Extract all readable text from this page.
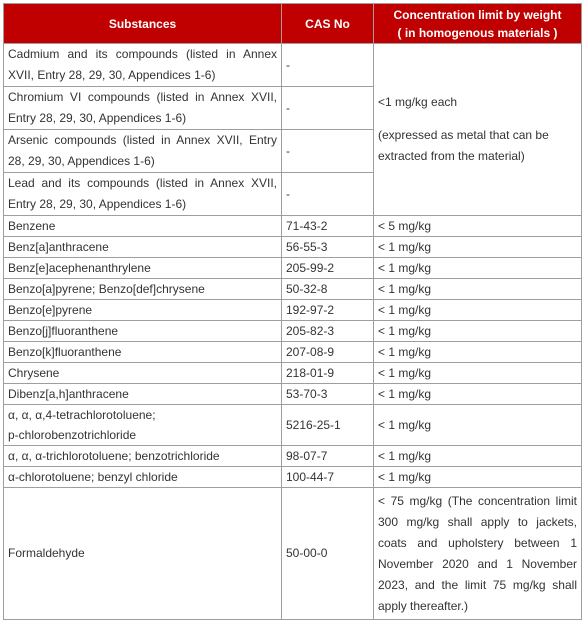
Substances	CAS No	Concentration limit by weight
( in homogenous materials )
Cadmium and its compounds (listed in Annex XVII, Entry 28, 29, 30, Appendices 1-6)	-	<1 mg/kg each

(expressed as metal that can be extracted from the material)

Chromium VI compounds (listed in Annex XVII, Entry 28, 29, 30, Appendices 1-6)	-	
Arsenic compounds (listed in Annex XVII, Entry 28, 29, 30, Appendices 1-6)	-	
Lead and its compounds (listed in Annex XVII, Entry 28, 29, 30, Appendices 1-6)	-	
Benzene	71-43-2	< 5 mg/kg
Benz[a]anthracene	56-55-3	< 1 mg/kg
Benz[e]acephenanthrylene	205-99-2	< 1 mg/kg
Benzo[a]pyrene; Benzo[def]chrysene	50-32-8	< 1 mg/kg
Benzo[e]pyrene	192-97-2	< 1 mg/kg
Benzo[j]fluoranthene	205-82-3	< 1 mg/kg
Benzo[k]fluoranthene	207-08-9	< 1 mg/kg
Chrysene	218-01-9	< 1 mg/kg
Dibenz[a,h]anthracene	53-70-3	< 1 mg/kg
α, α, α,4-tetrachlorotoluene;
p-chlorobenzotrichloride	5216-25-1	< 1 mg/kg
α, α, α-trichlorotoluene; benzotrichloride	98-07-7	< 1 mg/kg
α-chlorotoluene; benzyl chloride	100-44-7	< 1 mg/kg
Formaldehyde	50-00-0	< 75 mg/kg (The concentration limit 300 mg/kg shall apply to jackets, coats and upholstery between 1 November 2020 and 1 November 2023, and the limit 75 mg/kg shall apply thereafter.)
